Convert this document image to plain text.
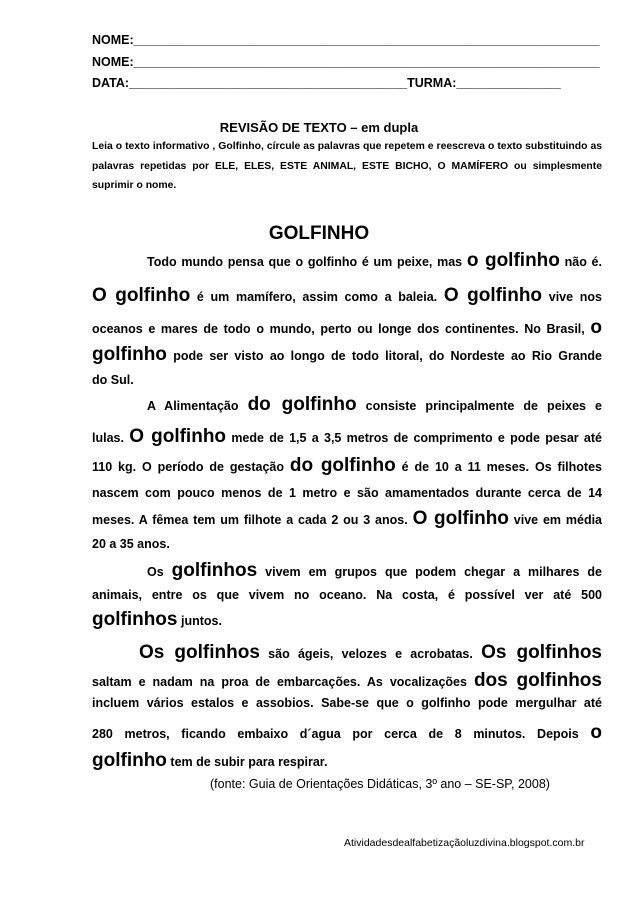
NOME:___________________________________________________________________
NOME:___________________________________________________________________
DATA:________________________________________TURMA:_______________
REVISÃO DE TEXTO – em dupla
Leia o texto informativo , Golfinho, círcule as palavras que repetem e reescreva o texto substituindo as palavras repetidas por ELE, ELES, ESTE ANIMAL, ESTE BICHO, O MAMÍFERO ou simplesmente suprimir o nome.
GOLFINHO
Todo mundo pensa que o golfinho é um peixe, mas o golfinho não é.
O golfinho é um mamífero, assim como a baleia. O golfinho vive nos
oceanos e mares de todo o mundo, perto ou longe dos continentes. No Brasil, o
golfinho pode ser visto ao longo de todo litoral, do Nordeste ao Rio Grande
do Sul.
A Alimentação do golfinho consiste principalmente de peixes e
lulas. O golfinho mede de 1,5 a 3,5 metros de comprimento e pode pesar até
110 kg. O período de gestação do golfinho é de 10 a 11 meses. Os filhotes
nascem com pouco menos de 1 metro e são amamentados durante cerca de 14
meses. A fêmea tem um filhote a cada 2 ou 3 anos. O golfinho vive em média
20 a 35 anos.
Os golfinhos vivem em grupos que podem chegar a milhares de
animais, entre os que vivem no oceano. Na costa, é possível ver até 500
golfinhos juntos.
Os golfinhos são ágeis, velozes e acrobatas. Os golfinhos
saltam e nadam na proa de embarcações. As vocalizações dos golfinhos
incluem vários estalos e assobios. Sabe-se que o golfinho pode mergulhar até
280 metros, ficando embaixo d´agua por cerca de 8 minutos. Depois o
golfinho tem de subir para respirar.
(fonte: Guia de Orientações Didáticas, 3º ano – SE-SP, 2008)
Atividadesdealfabetizaçãoluzdivina.blogspot.com.br
